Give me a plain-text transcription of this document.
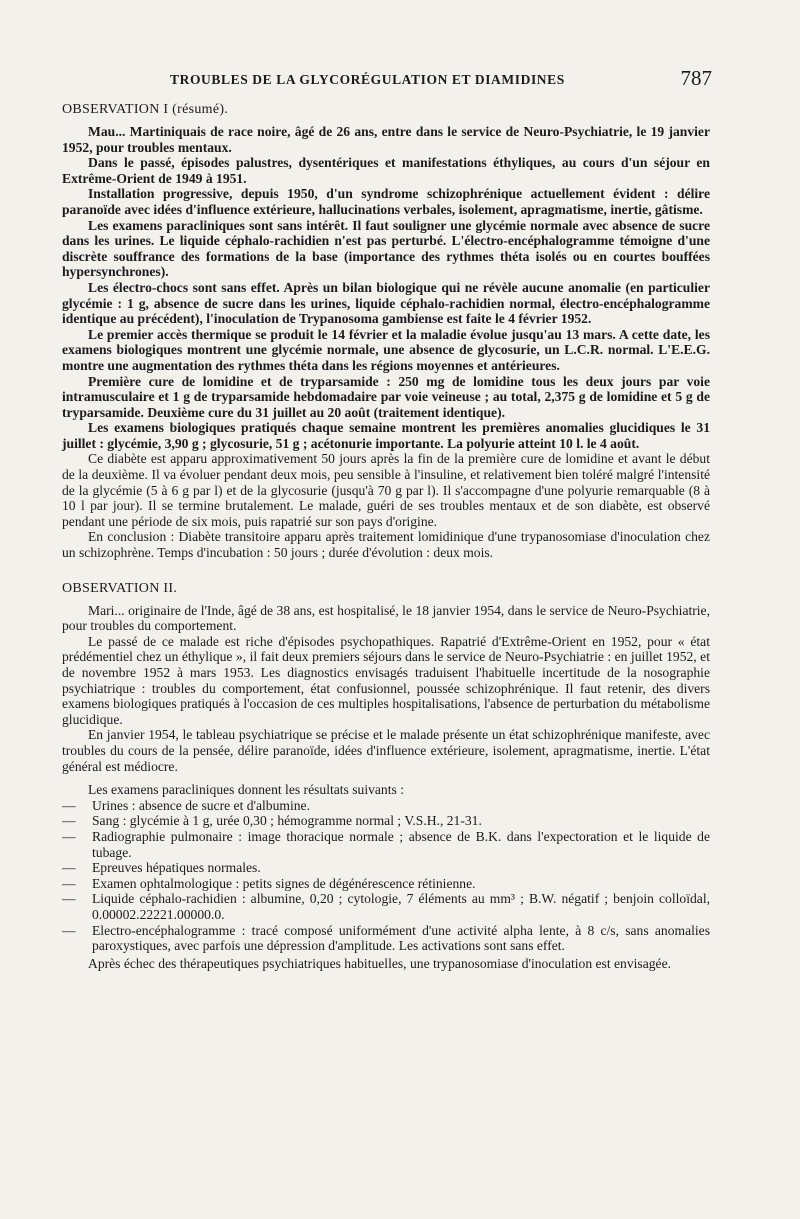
TROUBLES DE LA GLYCORÉGULATION ET DIAMIDINES	787
OBSERVATION I (résumé).

Mau... Martiniquais de race noire, âgé de 26 ans, entre dans le service de Neuro-Psychiatrie, le 19 janvier 1952, pour troubles mentaux.

Dans le passé, épisodes palustres, dysentériques et manifestations éthyliques, au cours d'un séjour en Extrême-Orient de 1949 à 1951.

Installation progressive, depuis 1950, d'un syndrome schizophrénique actuellement évident : délire paranoïde avec idées d'influence extérieure, hallucinations verbales, isolement, apragmatisme, inertie, gâtisme.

Les examens paracliniques sont sans intérêt. Il faut souligner une glycémie normale avec absence de sucre dans les urines. Le liquide céphalo-rachidien n'est pas perturbé. L'électro-encéphalogramme témoigne d'une discrète souffrance des formations de la base (importance des rythmes théta isolés ou en courtes bouffées hypersynchrones).

Les électro-chocs sont sans effet. Après un bilan biologique qui ne révèle aucune anomalie (en particulier glycémie : 1 g, absence de sucre dans les urines, liquide céphalo-rachidien normal, électro-encéphalogramme identique au précédent), l'inoculation de Trypanosoma gambiense est faite le 4 février 1952.

Le premier accès thermique se produit le 14 février et la maladie évolue jusqu'au 13 mars. A cette date, les examens biologiques montrent une glycémie normale, une absence de glycosurie, un L.C.R. normal. L'E.E.G. montre une augmentation des rythmes théta dans les régions moyennes et antérieures.

Première cure de lomidine et de tryparsamide : 250 mg de lomidine tous les deux jours par voie intramusculaire et 1 g de tryparsamide hebdomadaire par voie veineuse ; au total, 2,375 g de lomidine et 5 g de tryparsamide. Deuxième cure du 31 juillet au 20 août (traitement identique).

Les examens biologiques pratiqués chaque semaine montrent les premières anomalies glucidiques le 31 juillet : glycémie, 3,90 g ; glycosurie, 51 g ; acétonurie importante. La polyurie atteint 10 l. le 4 août.

Ce diabète est apparu approximativement 50 jours après la fin de la première cure de lomidine et avant le début de la deuxième. Il va évoluer pendant deux mois, peu sensible à l'insuline, et relativement bien toléré malgré l'intensité de la glycémie (5 à 6 g par l) et de la glycosurie (jusqu'à 70 g par l). Il s'accompagne d'une polyurie remarquable (8 à 10 l par jour). Il se termine brutalement. Le malade, guéri de ses troubles mentaux et de son diabète, est observé pendant une période de six mois, puis rapatrié sur son pays d'origine.

En conclusion : Diabète transitoire apparu après traitement lomidinique d'une trypanosomiase d'inoculation chez un schizophrène. Temps d'incubation : 50 jours ; durée d'évolution : deux mois.

OBSERVATION II.

Mari... originaire de l'Inde, âgé de 38 ans, est hospitalisé, le 18 janvier 1954, dans le service de Neuro-Psychiatrie, pour troubles du comportement.

Le passé de ce malade est riche d'épisodes psychopathiques. Rapatrié d'Extrême-Orient en 1952, pour « état prédémentiel chez un éthylique », il fait deux premiers séjours dans le service de Neuro-Psychiatrie : en juillet 1952, et de novembre 1952 à mars 1953. Les diagnostics envisagés traduisent l'habituelle incertitude de la nosographie psychiatrique : troubles du comportement, état confusionnel, poussée schizophrénique. Il faut retenir, des divers examens biologiques pratiqués à l'occasion de ces multiples hospitalisations, l'absence de perturbation du métabolisme glucidique.

En janvier 1954, le tableau psychiatrique se précise et le malade présente un état schizophrénique manifeste, avec troubles du cours de la pensée, délire paranoïde, idées d'influence extérieure, isolement, apragmatisme, inertie. L'état général est médiocre.

Les examens paracliniques donnent les résultats suivants :

— Urines : absence de sucre et d'albumine.
— Sang : glycémie à 1 g, urée 0,30 ; hémogramme normal ; V.S.H., 21-31.
— Radiographie pulmonaire : image thoracique normale ; absence de B.K. dans l'expectoration et le liquide de tubage.
— Epreuves hépatiques normales.
— Examen ophtalmologique : petits signes de dégénérescence rétinienne.
— Liquide céphalo-rachidien : albumine, 0,20 ; cytologie, 7 éléments au mm³ ; B.W. négatif ; benjoin colloïdal, 0.00002.22221.00000.0.
— Electro-encéphalogramme : tracé composé uniformément d'une activité alpha lente, à 8 c/s, sans anomalies paroxystiques, avec parfois une dépression d'amplitude. Les activations sont sans effet.

Après échec des thérapeutiques psychiatriques habituelles, une trypanosomiase d'inoculation est envisagée.
